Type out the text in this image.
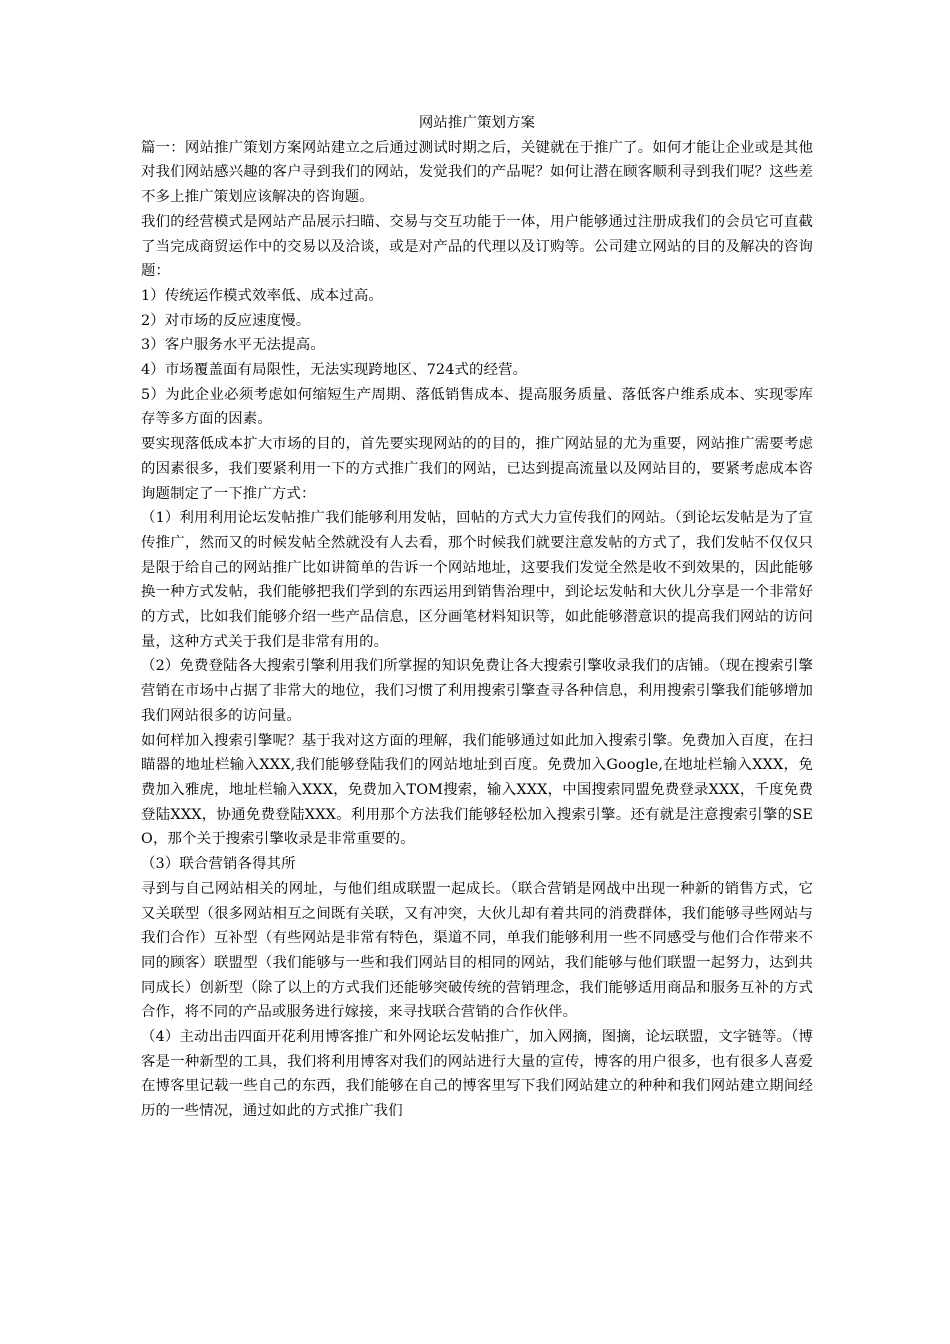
网站推广策划方案

篇一：网站推广策划方案网站建立之后通过测试时期之后，关键就在于推广了。如何才能让企业或是其他对我们网站感兴趣的客户寻到我们的网站，发觉我们的产品呢？如何让潜在顾客顺利寻到我们呢？这些差不多上推广策划应该解决的咨询题。

我们的经营模式是网站产品展示扫瞄、交易与交互功能于一体，用户能够通过注册成我们的会员它可直截了当完成商贸运作中的交易以及洽谈，或是对产品的代理以及订购等。公司建立网站的目的及解决的咨询题：

1）传统运作模式效率低、成本过高。

2）对市场的反应速度慢。

3）客户服务水平无法提高。

4）市场覆盖面有局限性，无法实现跨地区、724式的经营。

5）为此企业必须考虑如何缩短生产周期、落低销售成本、提高服务质量、落低客户维系成本、实现零库存等多方面的因素。

要实现落低成本扩大市场的目的，首先要实现网站的的目的，推广网站显的尤为重要，网站推广需要考虑的因素很多，我们要紧利用一下的方式推广我们的网站，已达到提高流量以及网站目的，要紧考虑成本咨询题制定了一下推广方式：

（1）利用利用论坛发帖推广我们能够利用发帖，回帖的方式大力宣传我们的网站。（到论坛发帖是为了宣传推广，然而又的时候发帖全然就没有人去看，那个时候我们就要注意发帖的方式了，我们发帖不仅仅只是限于给自己的网站推广比如讲简单的告诉一个网站地址，这要我们发觉全然是收不到效果的，因此能够换一种方式发帖，我们能够把我们学到的东西运用到销售治理中，到论坛发帖和大伙儿分享是一个非常好的方式，比如我们能够介绍一些产品信息，区分画笔材料知识等，如此能够潜意识的提高我们网站的访问量，这种方式关于我们是非常有用的。

（2）免费登陆各大搜索引擎利用我们所掌握的知识免费让各大搜索引擎收录我们的店铺。（现在搜索引擎营销在市场中占据了非常大的地位，我们习惯了利用搜索引擎查寻各种信息，利用搜索引擎我们能够增加我们网站很多的访问量。

如何样加入搜索引擎呢？基于我对这方面的理解，我们能够通过如此加入搜索引擎。免费加入百度，在扫瞄器的地址栏输入XXX,我们能够登陆我们的网站地址到百度。免费加入Google,在地址栏输入XXX，免费加入雅虎，地址栏输入XXX，免费加入TOM搜索，输入XXX，中国搜索同盟免费登录XXX，千度免费登陆XXX，协通免费登陆XXX。利用那个方法我们能够轻松加入搜索引擎。还有就是注意搜索引擎的SEO，那个关于搜索引擎收录是非常重要的。

（3）联合营销各得其所

寻到与自己网站相关的网址，与他们组成联盟一起成长。（联合营销是网战中出现一种新的销售方式，它又关联型（很多网站相互之间既有关联，又有冲突，大伙儿却有着共同的消费群体，我们能够寻些网站与我们合作）互补型（有些网站是非常有特色，渠道不同，单我们能够利用一些不同感受与他们合作带来不同的顾客）联盟型（我们能够与一些和我们网站目的相同的网站，我们能够与他们联盟一起努力，达到共同成长）创新型（除了以上的方式我们还能够突破传统的营销理念，我们能够适用商品和服务互补的方式合作，将不同的产品或服务进行嫁接，来寻找联合营销的合作伙伴。

（4）主动出击四面开花利用博客推广和外网论坛发帖推广，加入网摘，图摘，论坛联盟，文字链等。（博客是一种新型的工具，我们将利用博客对我们的网站进行大量的宣传，博客的用户很多，也有很多人喜爱在博客里记载一些自己的东西，我们能够在自己的博客里写下我们网站建立的种种和我们网站建立期间经历的一些情况，通过如此的方式推广我们
